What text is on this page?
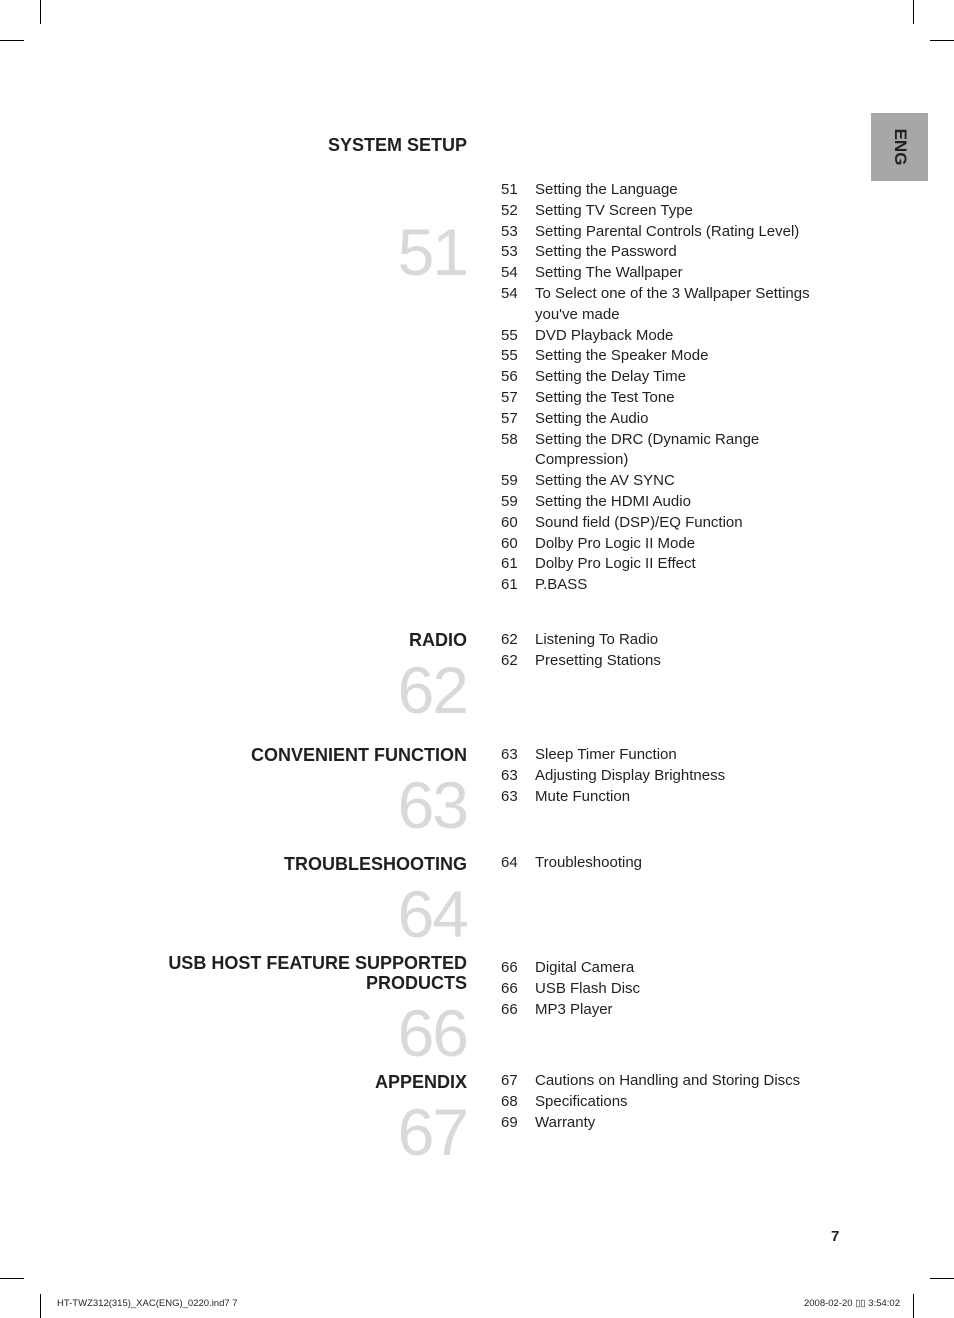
ENG
SYSTEM SETUP
51
51	Setting the Language
52	Setting TV Screen Type
53	Setting Parental Controls (Rating Level)
53	Setting the Password
54	Setting The Wallpaper
54	To Select one of the 3 Wallpaper Settings you've made
55	DVD Playback Mode
55	Setting the Speaker Mode
56	Setting the Delay Time
57	Setting the Test Tone
57	Setting the Audio
58	Setting the DRC (Dynamic Range Compression)
59	Setting the AV SYNC
59	Setting the HDMI Audio
60	Sound field (DSP)/EQ Function
60	Dolby Pro Logic II Mode
61	Dolby Pro Logic II Effect
61	P.BASS
RADIO
62
62	Listening To Radio
62	Presetting Stations
CONVENIENT FUNCTION
63
63	Sleep Timer Function
63	Adjusting Display Brightness
63	Mute Function
TROUBLESHOOTING
64
64	Troubleshooting
USB HOST FEATURE SUPPORTED PRODUCTS
66
66	Digital Camera
66	USB Flash Disc
66	MP3 Player
APPENDIX
67
67	Cautions on Handling and Storing Discs
68	Specifications
69	Warranty
7
HT-TWZ312(315)_XAC(ENG)_0220.ind7 7	2008-02-20 ▯▯ 3:54:02
